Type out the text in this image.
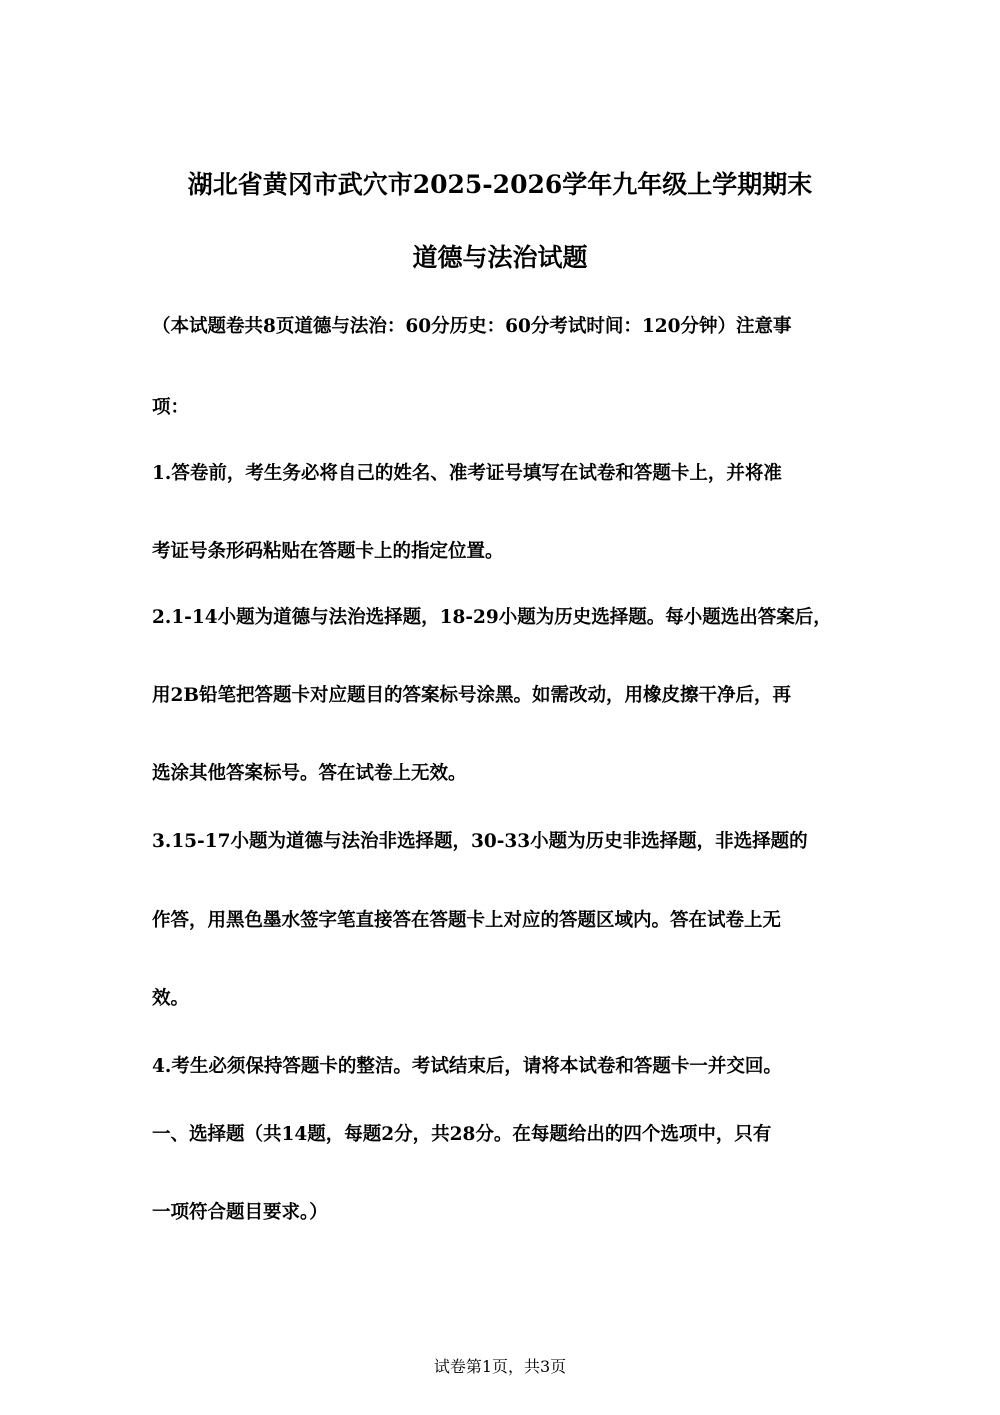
湖北省黄冈市武穴市2025-2026学年九年级上学期期末
道德与法治试题
（本试题卷共8页道德与法治：60分历史：60分考试时间：120分钟）注意事
项：
1.答卷前，考生务必将自己的姓名、准考证号填写在试卷和答题卡上，并将准
考证号条形码粘贴在答题卡上的指定位置。
2.1-14小题为道德与法治选择题，18-29小题为历史选择题。每小题选出答案后，
用2B铅笔把答题卡对应题目的答案标号涂黑。如需改动，用橡皮擦干净后，再
选涂其他答案标号。答在试卷上无效。
3.15-17小题为道德与法治非选择题，30-33小题为历史非选择题，非选择题的
作答，用黑色墨水签字笔直接答在答题卡上对应的答题区域内。答在试卷上无
效。
4.考生必须保持答题卡的整洁。考试结束后，请将本试卷和答题卡一并交回。
一、选择题（共14题，每题2分，共28分。在每题给出的四个选项中，只有
一项符合题目要求。）
试卷第1页，共3页
